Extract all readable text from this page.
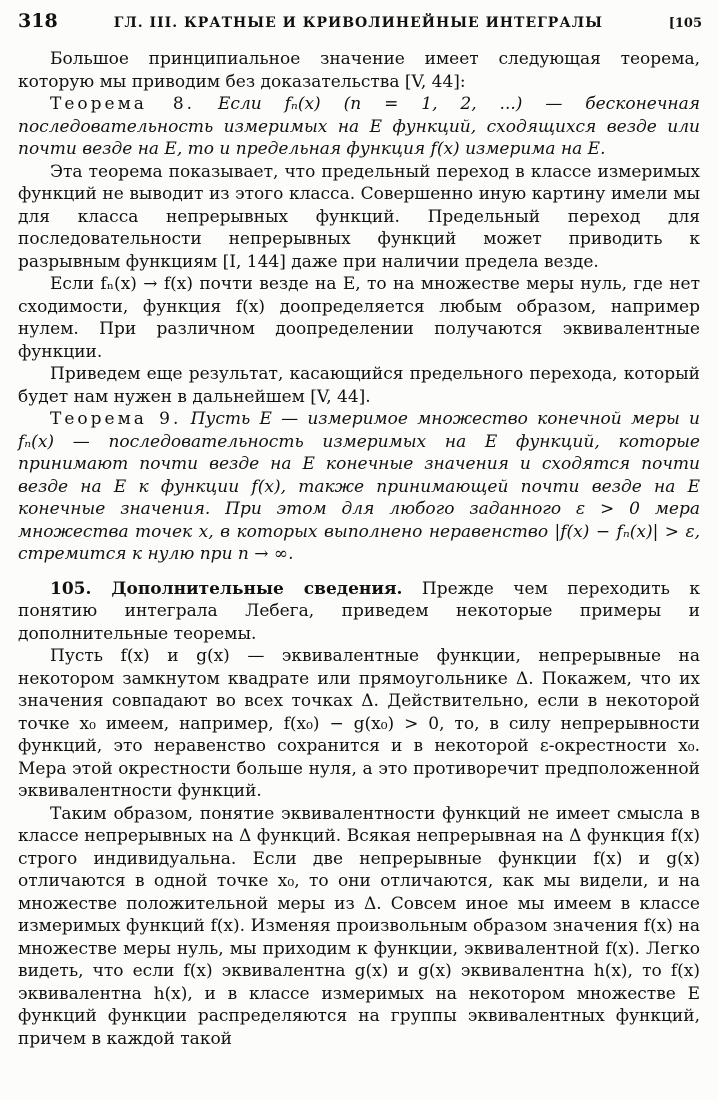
318	ГЛ. III. КРАТНЫЕ И КРИВОЛИНЕЙНЫЕ ИНТЕГРАЛЫ	[105

Большое принципиальное значение имеет следующая теорема, которую мы приводим без доказательства [V, 44]:

Теорема 8. Если fₙ(x) (n = 1, 2, ...) — бесконечная последовательность измеримых на E функций, сходящихся везде или почти везде на E, то и предельная функция f(x) измерима на E.

Эта теорема показывает, что предельный переход в классе измеримых функций не выводит из этого класса. Совершенно иную картину имели мы для класса непрерывных функций. Предельный переход для последовательности непрерывных функций может приводить к разрывным функциям [I, 144] даже при наличии предела везде.

Если fₙ(x) → f(x) почти везде на E, то на множестве меры нуль, где нет сходимости, функция f(x) доопределяется любым образом, например нулем. При различном доопределении получаются эквивалентные функции.

Приведем еще результат, касающийся предельного перехода, который будет нам нужен в дальнейшем [V, 44].

Теорема 9. Пусть E — измеримое множество конечной меры и fₙ(x) — последовательность измеримых на E функций, которые принимают почти везде на E конечные значения и сходятся почти везде на E к функции f(x), также принимающей почти везде на E конечные значения. При этом для любого заданного ε > 0 мера множества точек x, в которых выполнено неравенство |f(x) − fₙ(x)| > ε, стремится к нулю при n → ∞.

105. Дополнительные сведения. Прежде чем переходить к понятию интеграла Лебега, приведем некоторые примеры и дополнительные теоремы.

Пусть f(x) и g(x) — эквивалентные функции, непрерывные на некотором замкнутом квадрате или прямоугольнике Δ. Покажем, что их значения совпадают во всех точках Δ. Действительно, если в некоторой точке x₀ имеем, например, f(x₀) − g(x₀) > 0, то, в силу непрерывности функций, это неравенство сохранится и в некоторой ε-окрестности x₀. Мера этой окрестности больше нуля, а это противоречит предположенной эквивалентности функций.

Таким образом, понятие эквивалентности функций не имеет смысла в классе непрерывных на Δ функций. Всякая непрерывная на Δ функция f(x) строго индивидуальна. Если две непрерывные функции f(x) и g(x) отличаются в одной точке x₀, то они отличаются, как мы видели, и на множестве положительной меры из Δ. Совсем иное мы имеем в классе измеримых функций f(x). Изменяя произвольным образом значения f(x) на множестве меры нуль, мы приходим к функции, эквивалентной f(x). Легко видеть, что если f(x) эквивалентна g(x) и g(x) эквивалентна h(x), то f(x) эквивалентна h(x), и в классе измеримых на некотором множестве E функций функции распределяются на группы эквивалентных функций, причем в каждой такой
